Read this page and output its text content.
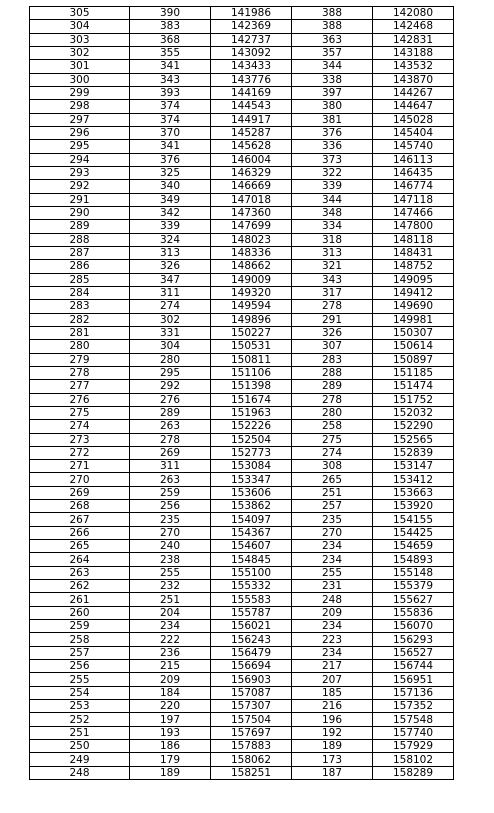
305	390	141986	388	142080
304	383	142369	388	142468
303	368	142737	363	142831
302	355	143092	357	143188
301	341	143433	344	143532
300	343	143776	338	143870
299	393	144169	397	144267
298	374	144543	380	144647
297	374	144917	381	145028
296	370	145287	376	145404
295	341	145628	336	145740
294	376	146004	373	146113
293	325	146329	322	146435
292	340	146669	339	146774
291	349	147018	344	147118
290	342	147360	348	147466
289	339	147699	334	147800
288	324	148023	318	148118
287	313	148336	313	148431
286	326	148662	321	148752
285	347	149009	343	149095
284	311	149320	317	149412
283	274	149594	278	149690
282	302	149896	291	149981
281	331	150227	326	150307
280	304	150531	307	150614
279	280	150811	283	150897
278	295	151106	288	151185
277	292	151398	289	151474
276	276	151674	278	151752
275	289	151963	280	152032
274	263	152226	258	152290
273	278	152504	275	152565
272	269	152773	274	152839
271	311	153084	308	153147
270	263	153347	265	153412
269	259	153606	251	153663
268	256	153862	257	153920
267	235	154097	235	154155
266	270	154367	270	154425
265	240	154607	234	154659
264	238	154845	234	154893
263	255	155100	255	155148
262	232	155332	231	155379
261	251	155583	248	155627
260	204	155787	209	155836
259	234	156021	234	156070
258	222	156243	223	156293
257	236	156479	234	156527
256	215	156694	217	156744
255	209	156903	207	156951
254	184	157087	185	157136
253	220	157307	216	157352
252	197	157504	196	157548
251	193	157697	192	157740
250	186	157883	189	157929
249	179	158062	173	158102
248	189	158251	187	158289
